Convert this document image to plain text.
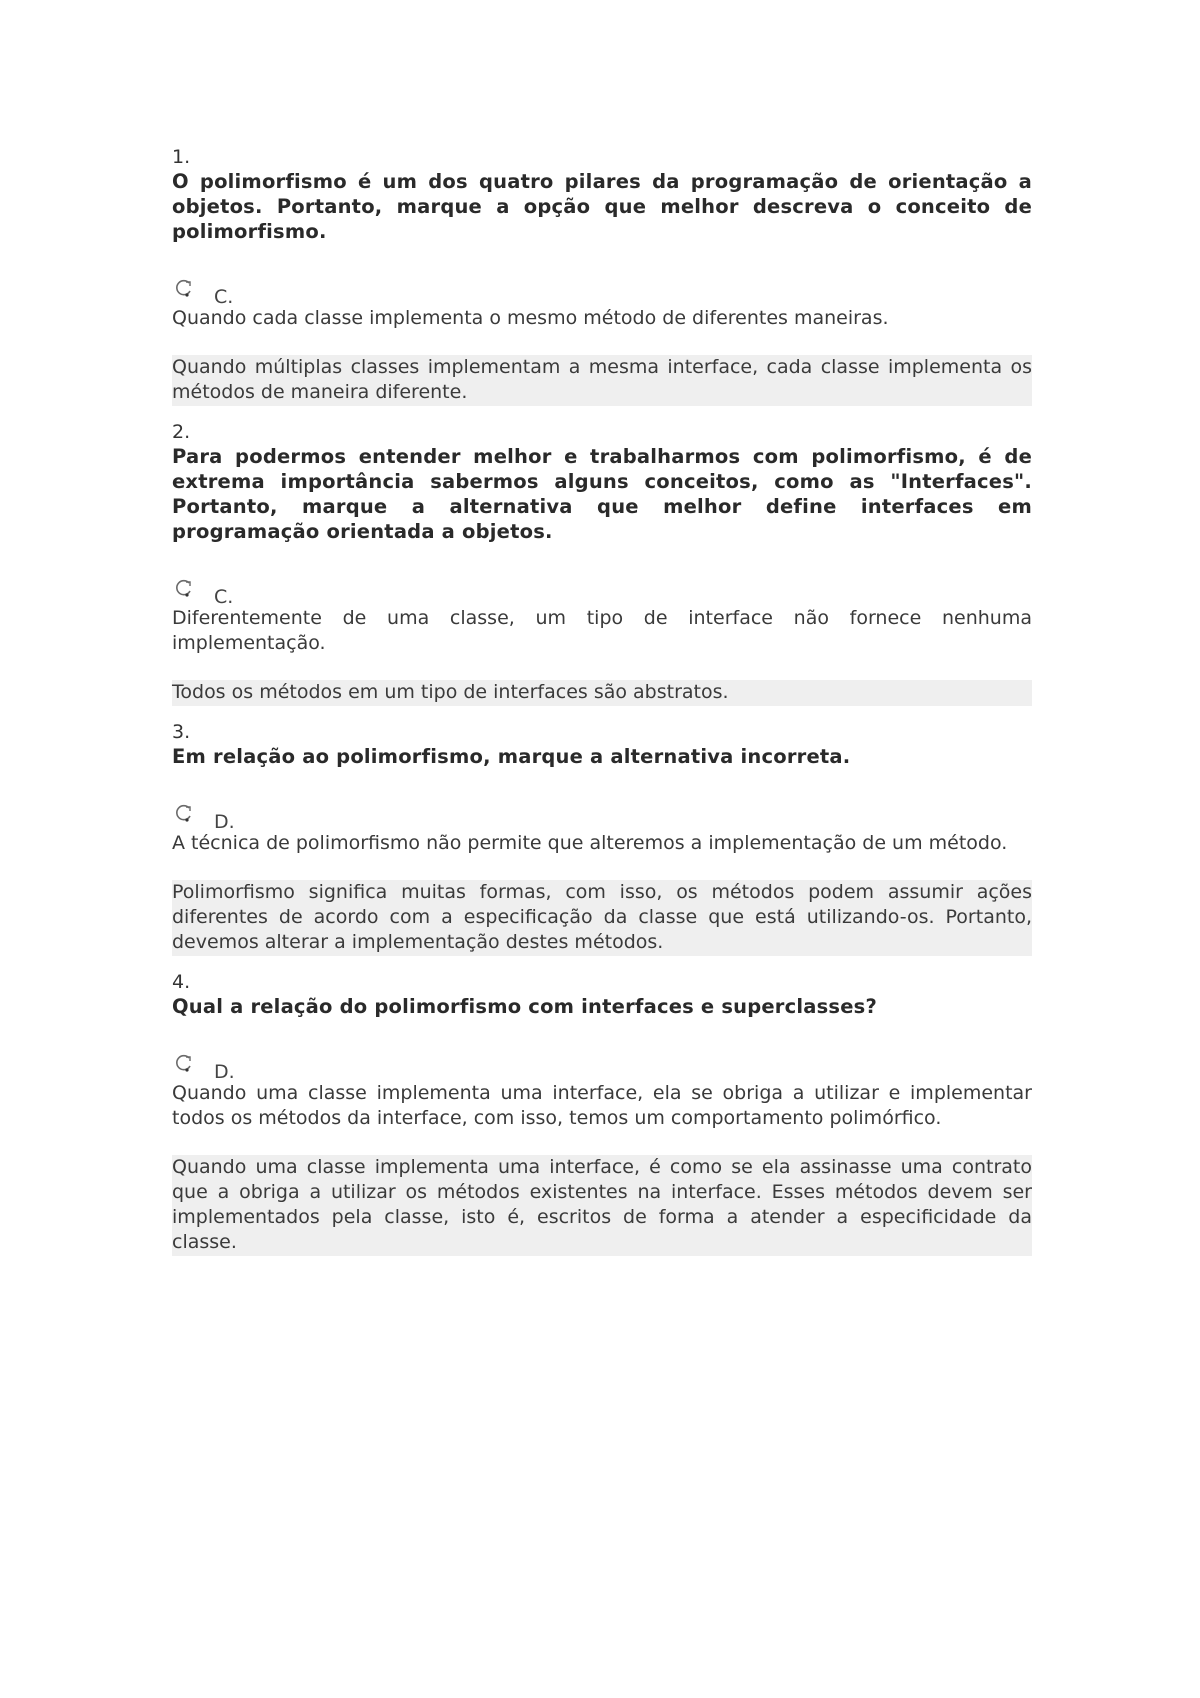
1.
O polimorfismo é um dos quatro pilares da programação de orientação a objetos. Portanto, marque a opção que melhor descreva o conceito de polimorfismo.
C.
Quando cada classe implementa o mesmo método de diferentes maneiras.
Quando múltiplas classes implementam a mesma interface, cada classe implementa os métodos de maneira diferente.
2.
Para podermos entender melhor e trabalharmos com polimorfismo, é de extrema importância sabermos alguns conceitos, como as "Interfaces". Portanto, marque a alternativa que melhor define interfaces em programação orientada a objetos.
C.
Diferentemente de uma classe, um tipo de interface não fornece nenhuma implementação.
Todos os métodos em um tipo de interfaces são abstratos.
3.
Em relação ao polimorfismo, marque a alternativa incorreta.
D.
A técnica de polimorfismo não permite que alteremos a implementação de um método.
Polimorfismo significa muitas formas, com isso, os métodos podem assumir ações diferentes de acordo com a especificação da classe que está utilizando-os. Portanto, devemos alterar a implementação destes métodos.
4.
Qual a relação do polimorfismo com interfaces e superclasses?
D.
Quando uma classe implementa uma interface, ela se obriga a utilizar e implementar todos os métodos da interface, com isso, temos um comportamento polimórfico.
Quando uma classe implementa uma interface, é como se ela assinasse uma contrato que a obriga a utilizar os métodos existentes na interface. Esses métodos devem ser implementados pela classe, isto é, escritos de forma a atender a especificidade da classe.
